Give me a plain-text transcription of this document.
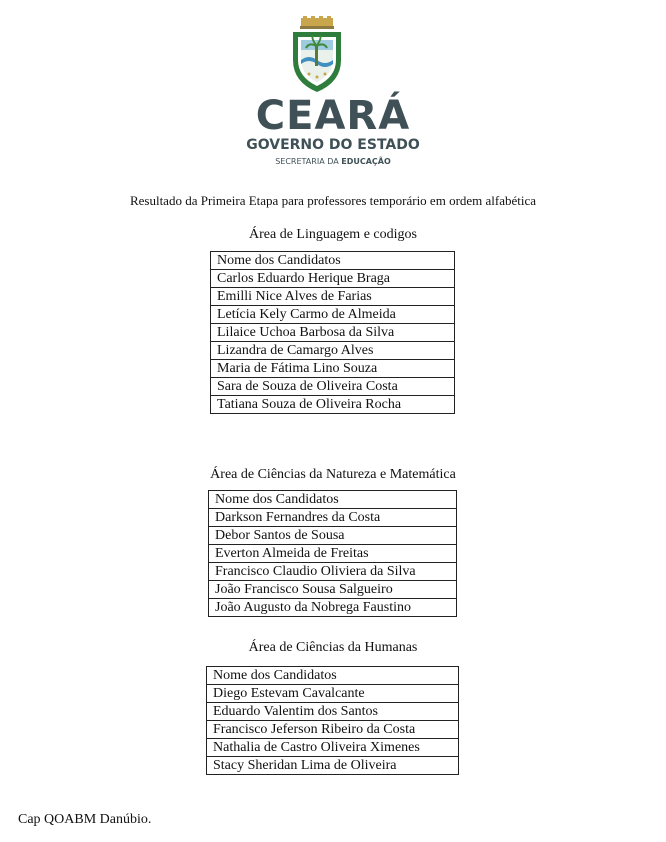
CEARÁ
GOVERNO DO ESTADO
SECRETARIA DA EDUCAÇÃO
Resultado da Primeira Etapa para professores temporário em ordem alfabética
Área de Linguagem e codigos
Nome dos Candidatos
Carlos Eduardo Herique Braga
Emilli Nice Alves de Farias
Letícia Kely Carmo de Almeida
Lilaice Uchoa Barbosa da Silva
Lizandra de Camargo Alves
Maria de Fátima Lino Souza
Sara de Souza de Oliveira Costa
Tatiana Souza de Oliveira Rocha
Área de Ciências da Natureza e Matemática
Nome dos Candidatos
Darkson Fernandres da Costa
Debor Santos de Sousa
Everton Almeida de Freitas
Francisco Claudio Oliviera da Silva
João Francisco Sousa Salgueiro
João Augusto da Nobrega Faustino
Área de Ciências da Humanas
Nome dos Candidatos
Diego Estevam Cavalcante
Eduardo Valentim dos Santos
Francisco Jeferson Ribeiro da Costa
Nathalia de Castro Oliveira Ximenes
Stacy Sheridan Lima de Oliveira
Cap QOABM Danúbio.
